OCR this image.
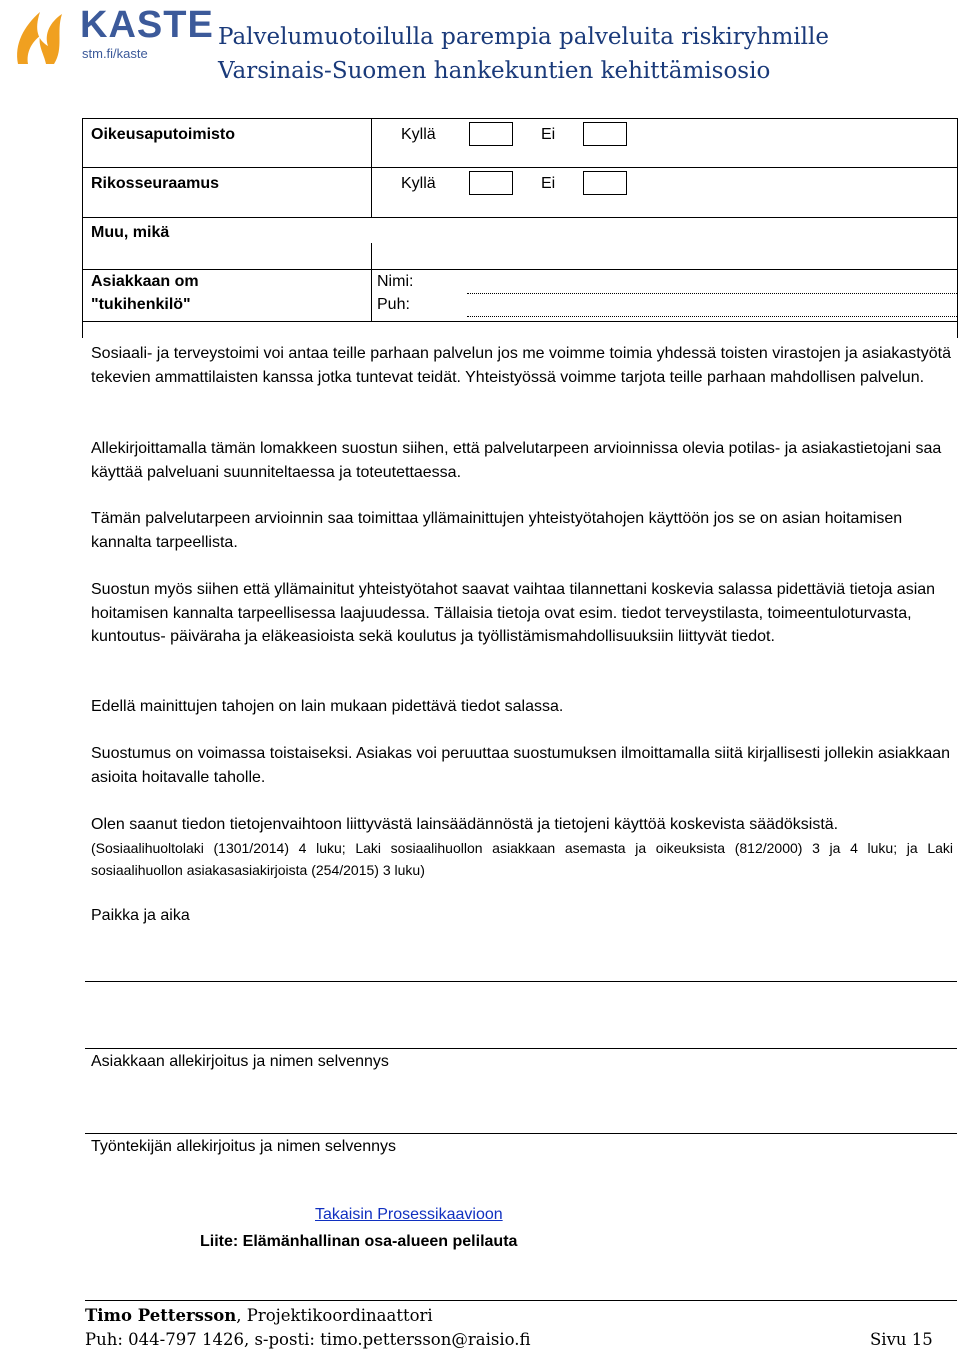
KASTE
stm.fi/kaste
Palvelumuotoilulla parempia palveluita riskiryhmille
Varsinais-Suomen hankekuntien kehittämisosio
Oikeusaputoimisto	Kyllä	Ei
Rikosseuraamus	Kyllä	Ei
Muu, mikä
Asiakkaan om
"tukihenkilö"
Nimi:
Puh:
Sosiaali- ja terveystoimi voi antaa teille parhaan palvelun jos me voimme toimia yhdessä toisten virastojen ja asiakastyötä tekevien ammattilaisten kanssa jotka tuntevat teidät. Yhteistyössä voimme tarjota teille parhaan mahdollisen palvelun.
Allekirjoittamalla tämän lomakkeen suostun siihen, että palvelutarpeen arvioinnissa olevia potilas- ja asiakastietojani saa käyttää palveluani suunniteltaessa ja toteutettaessa.
Tämän palvelutarpeen arvioinnin saa toimittaa yllämainittujen yhteistyötahojen käyttöön jos se on asian hoitamisen kannalta tarpeellista.
Suostun myös siihen että yllämainitut yhteistyötahot saavat vaihtaa tilannettani koskevia salassa pidettäviä tietoja asian hoitamisen kannalta tarpeellisessa laajuudessa. Tällaisia tietoja ovat esim. tiedot terveystilasta, toimeentuloturvasta, kuntoutus- päiväraha ja eläkeasioista sekä koulutus ja työllistämismahdollisuuksiin liittyvät tiedot.
Edellä mainittujen tahojen on lain mukaan pidettävä tiedot salassa.
Suostumus on voimassa toistaiseksi. Asiakas voi peruuttaa suostumuksen ilmoittamalla siitä kirjallisesti jollekin asiakkaan asioita hoitavalle taholle.
Olen saanut tiedon tietojenvaihtoon liittyvästä lainsäädännöstä ja tietojeni käyttöä koskevista säädöksistä.
(Sosiaalihuoltolaki (1301/2014) 4 luku; Laki sosiaalihuollon asiakkaan asemasta ja oikeuksista (812/2000) 3 ja 4 luku; ja Laki sosiaalihuollon asiakasasiakirjoista (254/2015) 3 luku)
Paikka ja aika
Asiakkaan allekirjoitus ja nimen selvennys
Työntekijän allekirjoitus ja nimen selvennys
Takaisin Prosessikaavioon
Liite: Elämänhallinan osa-alueen pelilauta
Timo Pettersson, Projektikoordinaattori
Puh: 044-797 1426, s-posti: timo.pettersson@raisio.fi	Sivu 15
